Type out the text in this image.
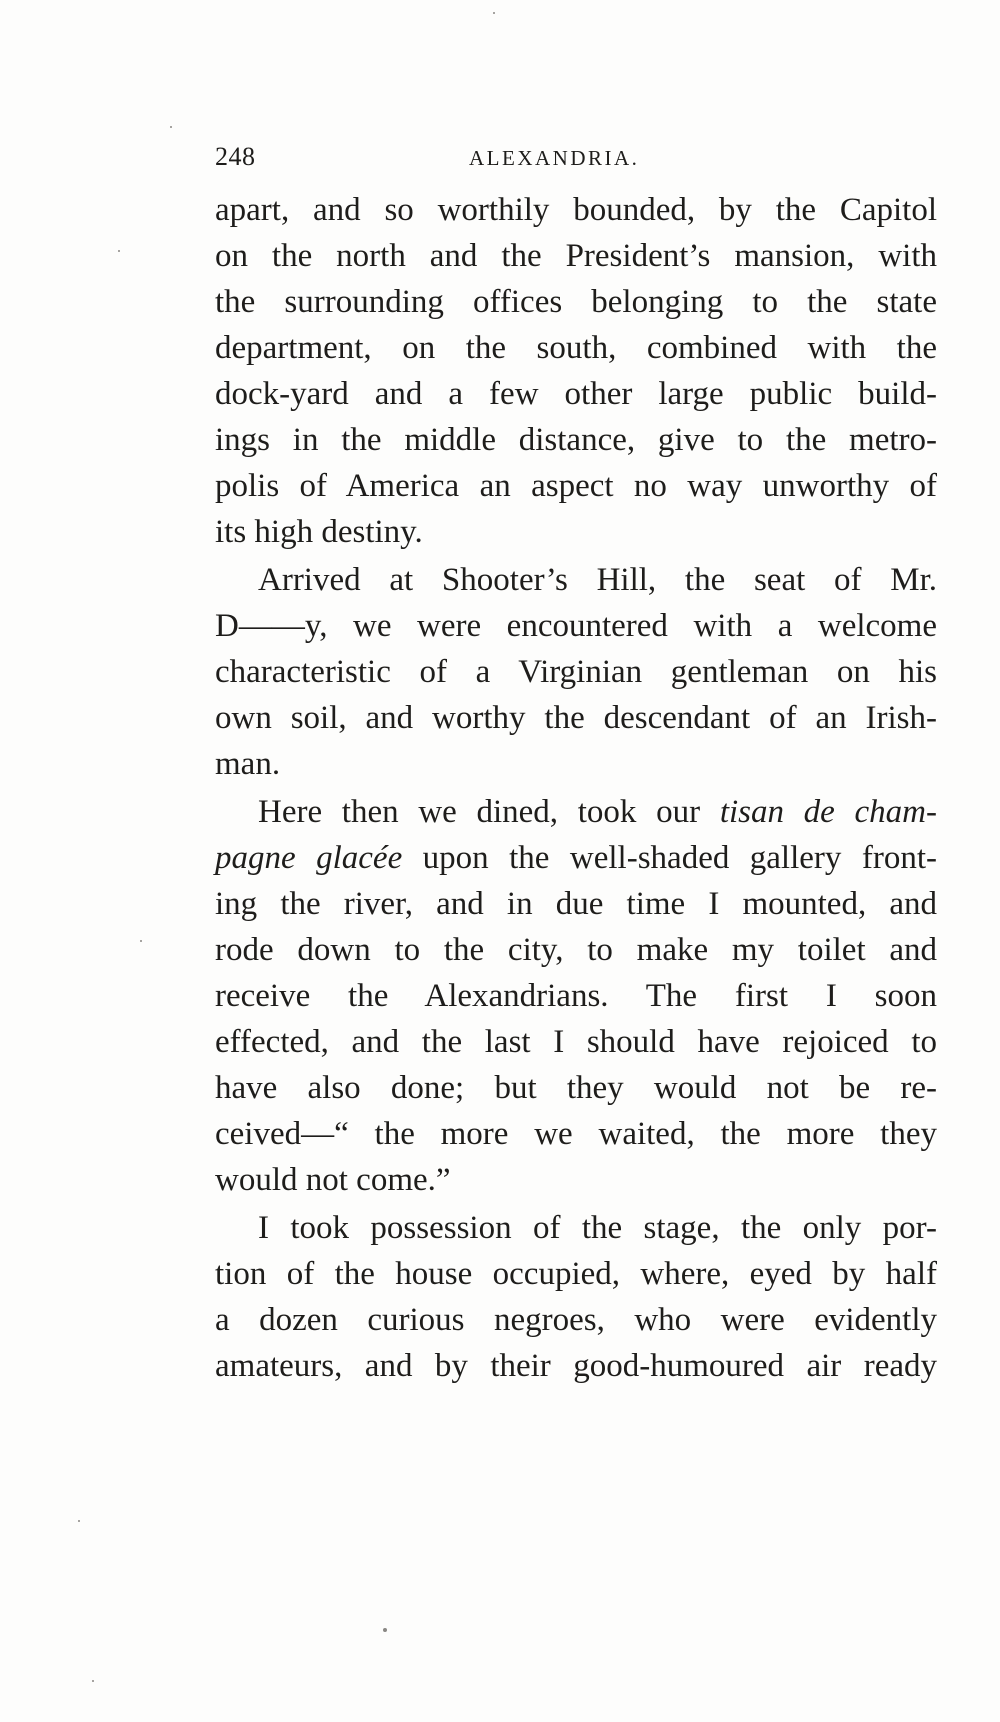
248	ALEXANDRIA.
apart, and so worthily bounded, by the Capitol
on the north and the President’s mansion, with
the surrounding offices belonging to the state
department, on the south, combined with the
dock-yard and a few other large public build-
ings in the middle distance, give to the metro-
polis of America an aspect no way unworthy of
its high destiny.
Arrived at Shooter’s Hill, the seat of Mr.
D——y, we were encountered with a welcome
characteristic of a Virginian gentleman on his
own soil, and worthy the descendant of an Irish-
man.
Here then we dined, took our tisan de cham-
pagne glacée upon the well-shaded gallery front-
ing the river, and in due time I mounted, and
rode down to the city, to make my toilet and
receive the Alexandrians. The first I soon
effected, and the last I should have rejoiced to
have also done; but they would not be re-
ceived—“ the more we waited, the more they
would not come.”
I took possession of the stage, the only por-
tion of the house occupied, where, eyed by half
a dozen curious negroes, who were evidently
amateurs, and by their good-humoured air ready
